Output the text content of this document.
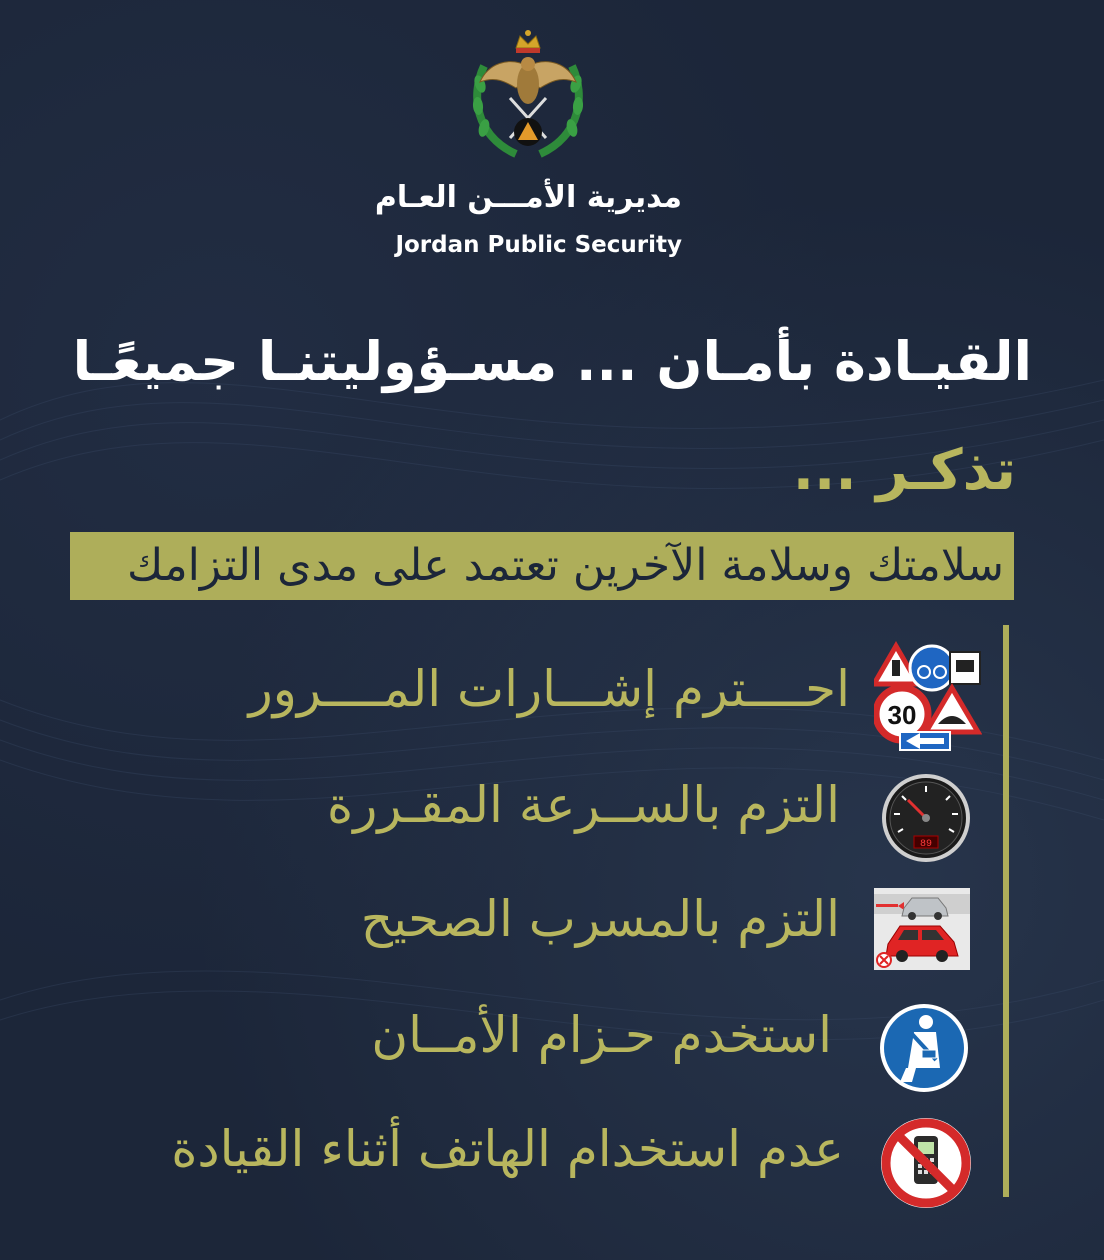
مديرية الأمـــن العـام
Jordan Public Security
القيـادة بأمـان ... مسـؤوليتنـا جميعًـا
تذكـر ...
سلامتك وسلامة الآخرين تعتمد على مدى التزامك
احــــترم إشـــارات المــــرور 30
التزم بالســرعة المقـررة
89
التزم بالمسرب الصحيح
استخدم حـزام الأمــان
عدم استخدام الهاتف أثناء القيادة
